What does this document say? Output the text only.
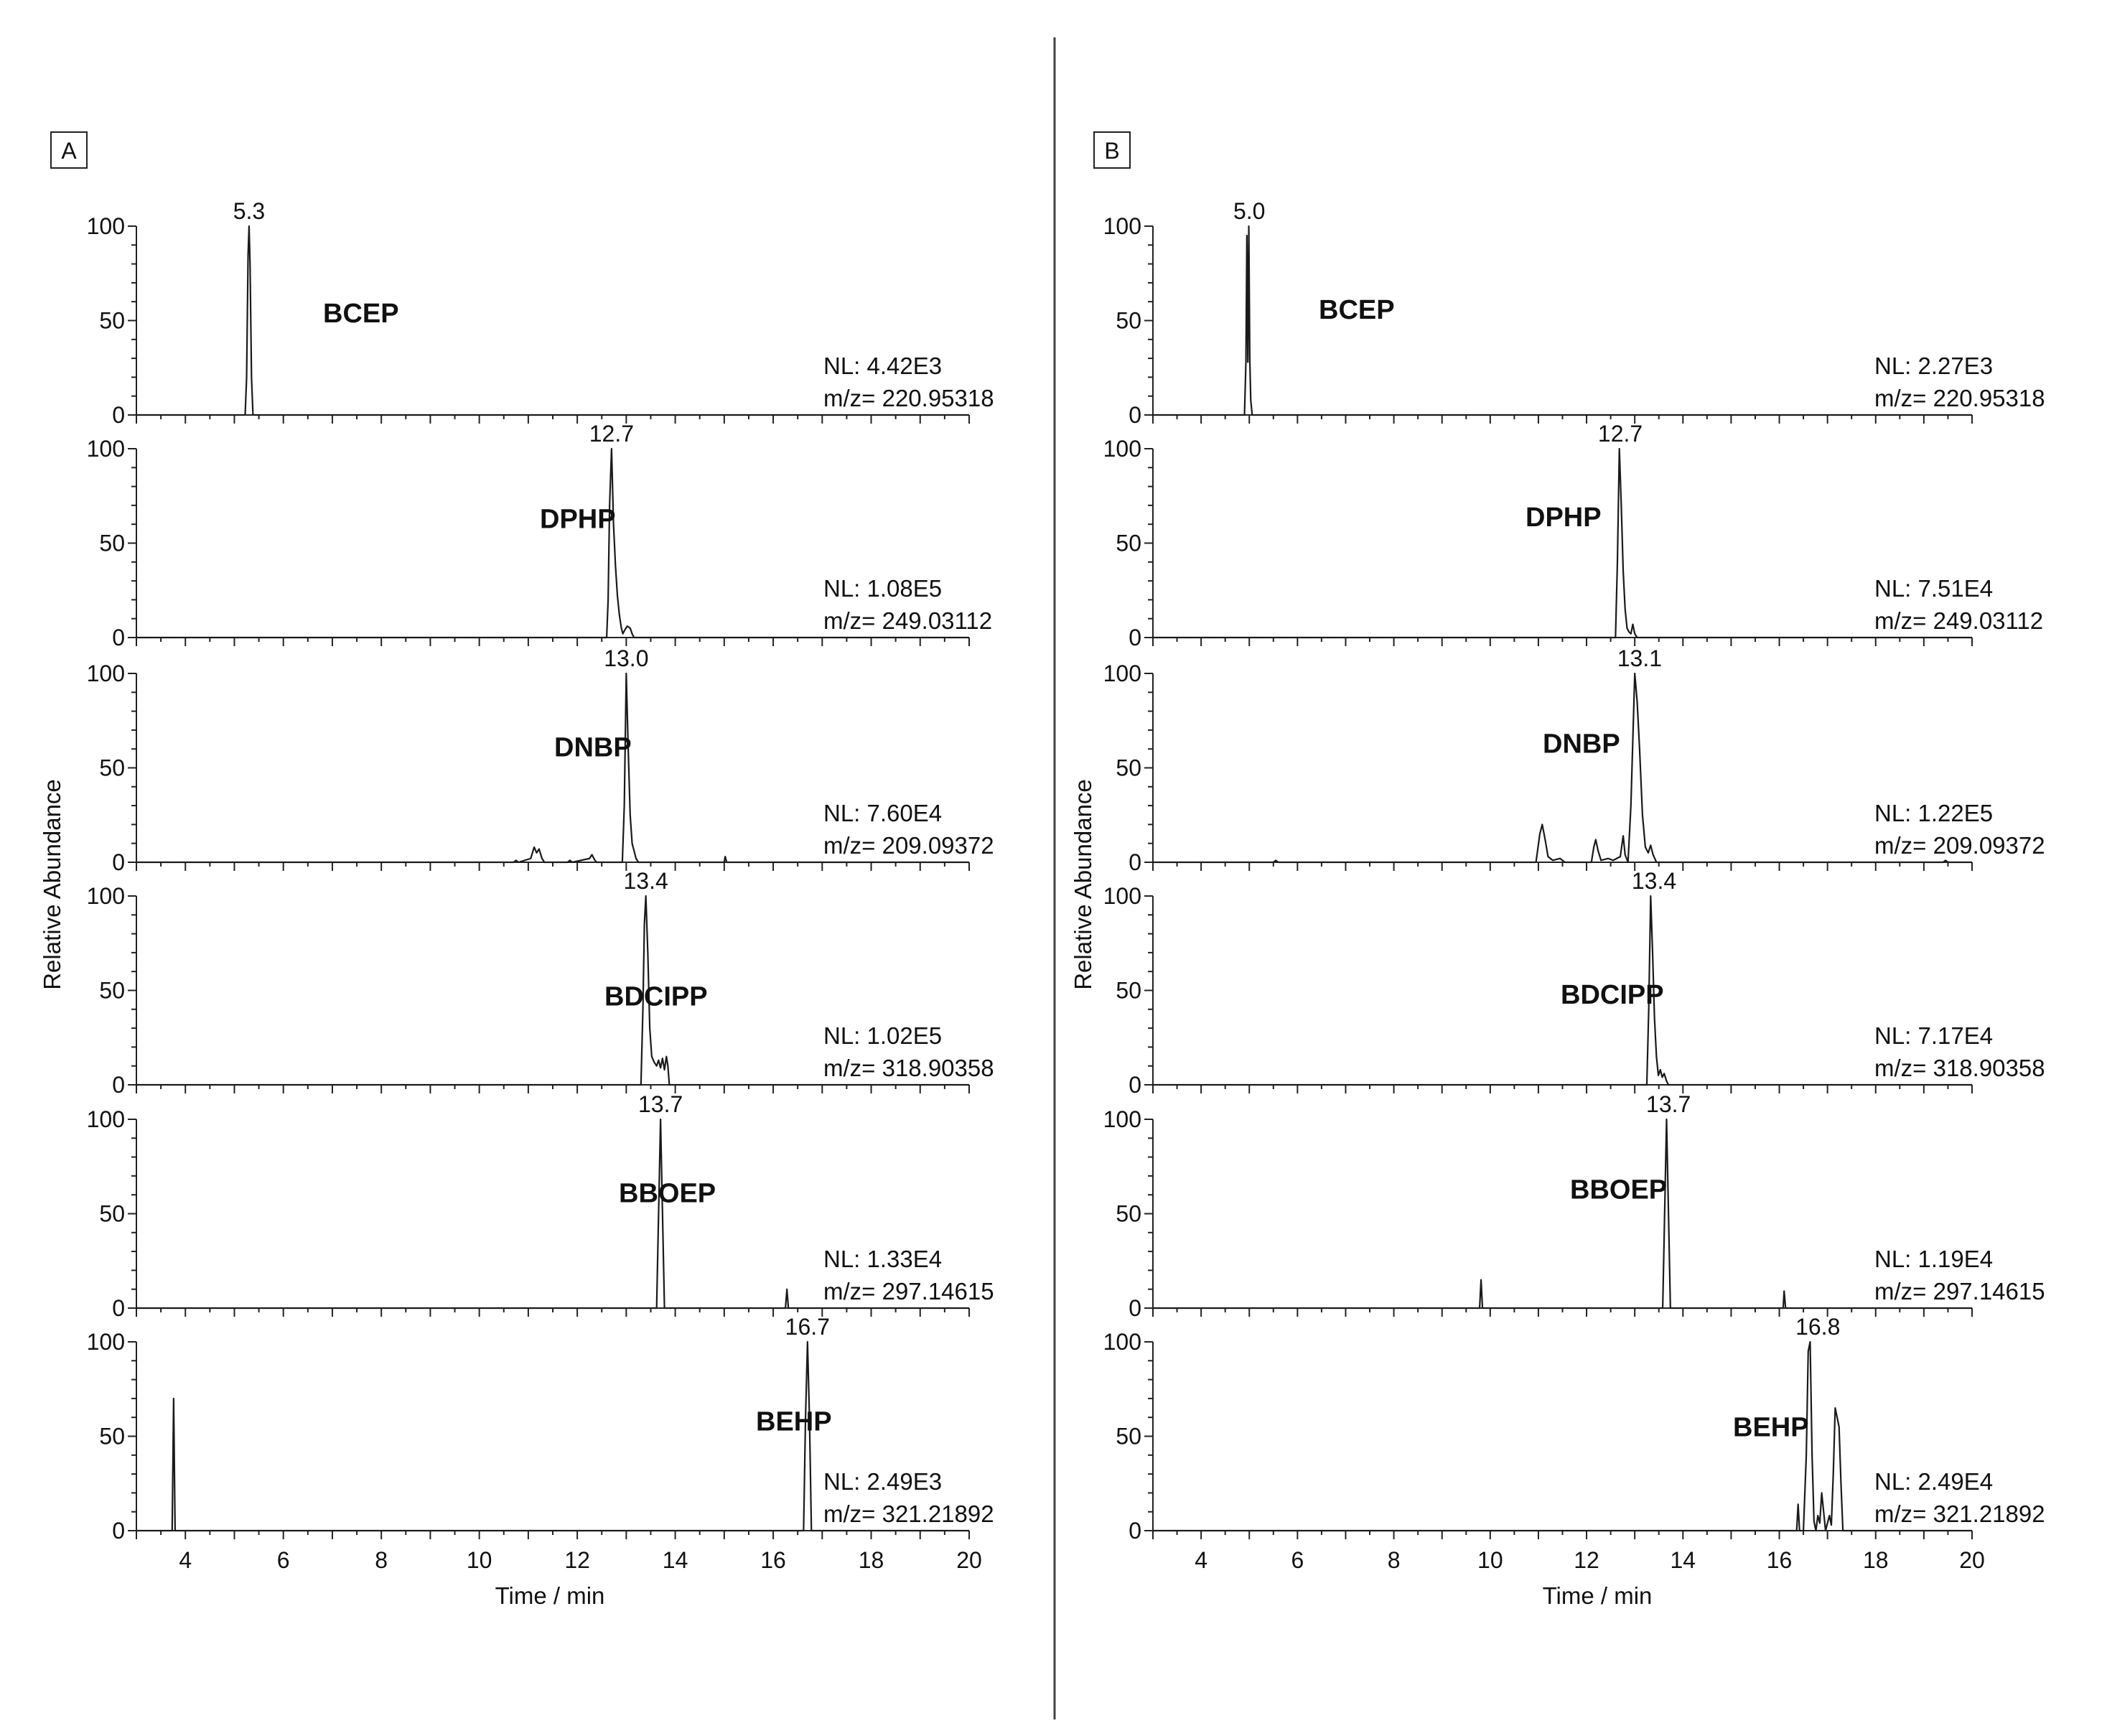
A
Relative Abundance
Time / min
0
50
100
5.3
BCEP
NL: 4.42E3
m/z= 220.95318
0
50
100
12.7
DPHP
NL: 1.08E5
m/z= 249.03112
0
50
100
13.0
DNBP
NL: 7.60E4
m/z= 209.09372
0
50
100
13.4
BDCIPP
NL: 1.02E5
m/z= 318.90358
0
50
100
13.7
BBOEP
NL: 1.33E4
m/z= 297.14615
0
50
100
4	6	8	10	12	14	16	18	20
16.7
BEHP
NL: 2.49E3
m/z= 321.21892
B
Relative Abundance
Time / min
0
50
100
5.0
BCEP
NL: 2.27E3
m/z= 220.95318
0
50
100
12.7
DPHP
NL: 7.51E4
m/z= 249.03112
0
50
100
13.1
DNBP
NL: 1.22E5
m/z= 209.09372
0
50
100
13.4
BDCIPP
NL: 7.17E4
m/z= 318.90358
0
50
100
13.7
BBOEP
NL: 1.19E4
m/z= 297.14615
0
50
100
4	6	8	10	12	14	16	18	20
16.8
BEHP
NL: 2.49E4
m/z= 321.21892
